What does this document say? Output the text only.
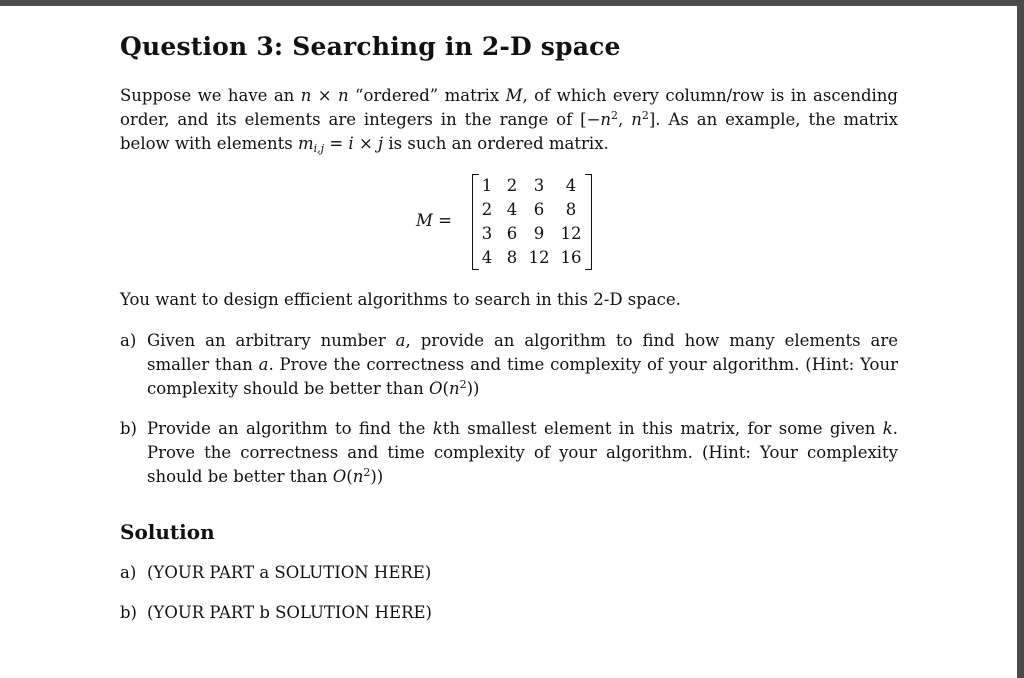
Question 3: Searching in 2-D space

Suppose we have an n × n “ordered” matrix M, of which every column/row is in ascending order, and its elements are integers in the range of [$-n^2$, $n^2$]. As an example, the matrix below with elements $m_{i,j} = i \times j$ is such an ordered matrix.

M =
1 2	3	4
2 4	6	8
3 6	9 12
4 8 12 16

You want to design efficient algorithms to search in this 2-D space.

a) Given an arbitrary number a, provide an algorithm to find how many elements are smaller than a. Prove the correctness and time complexity of your algorithm. (Hint: Your complexity should be better than $O(n^2)$)
b) Provide an algorithm to find the kth smallest element in this matrix, for some given k. Prove the correctness and time complexity of your algorithm. (Hint: Your complexity should be better than $O(n^2)$)
Solution
a) (YOUR PART a SOLUTION HERE)
b) (YOUR PART b SOLUTION HERE)
